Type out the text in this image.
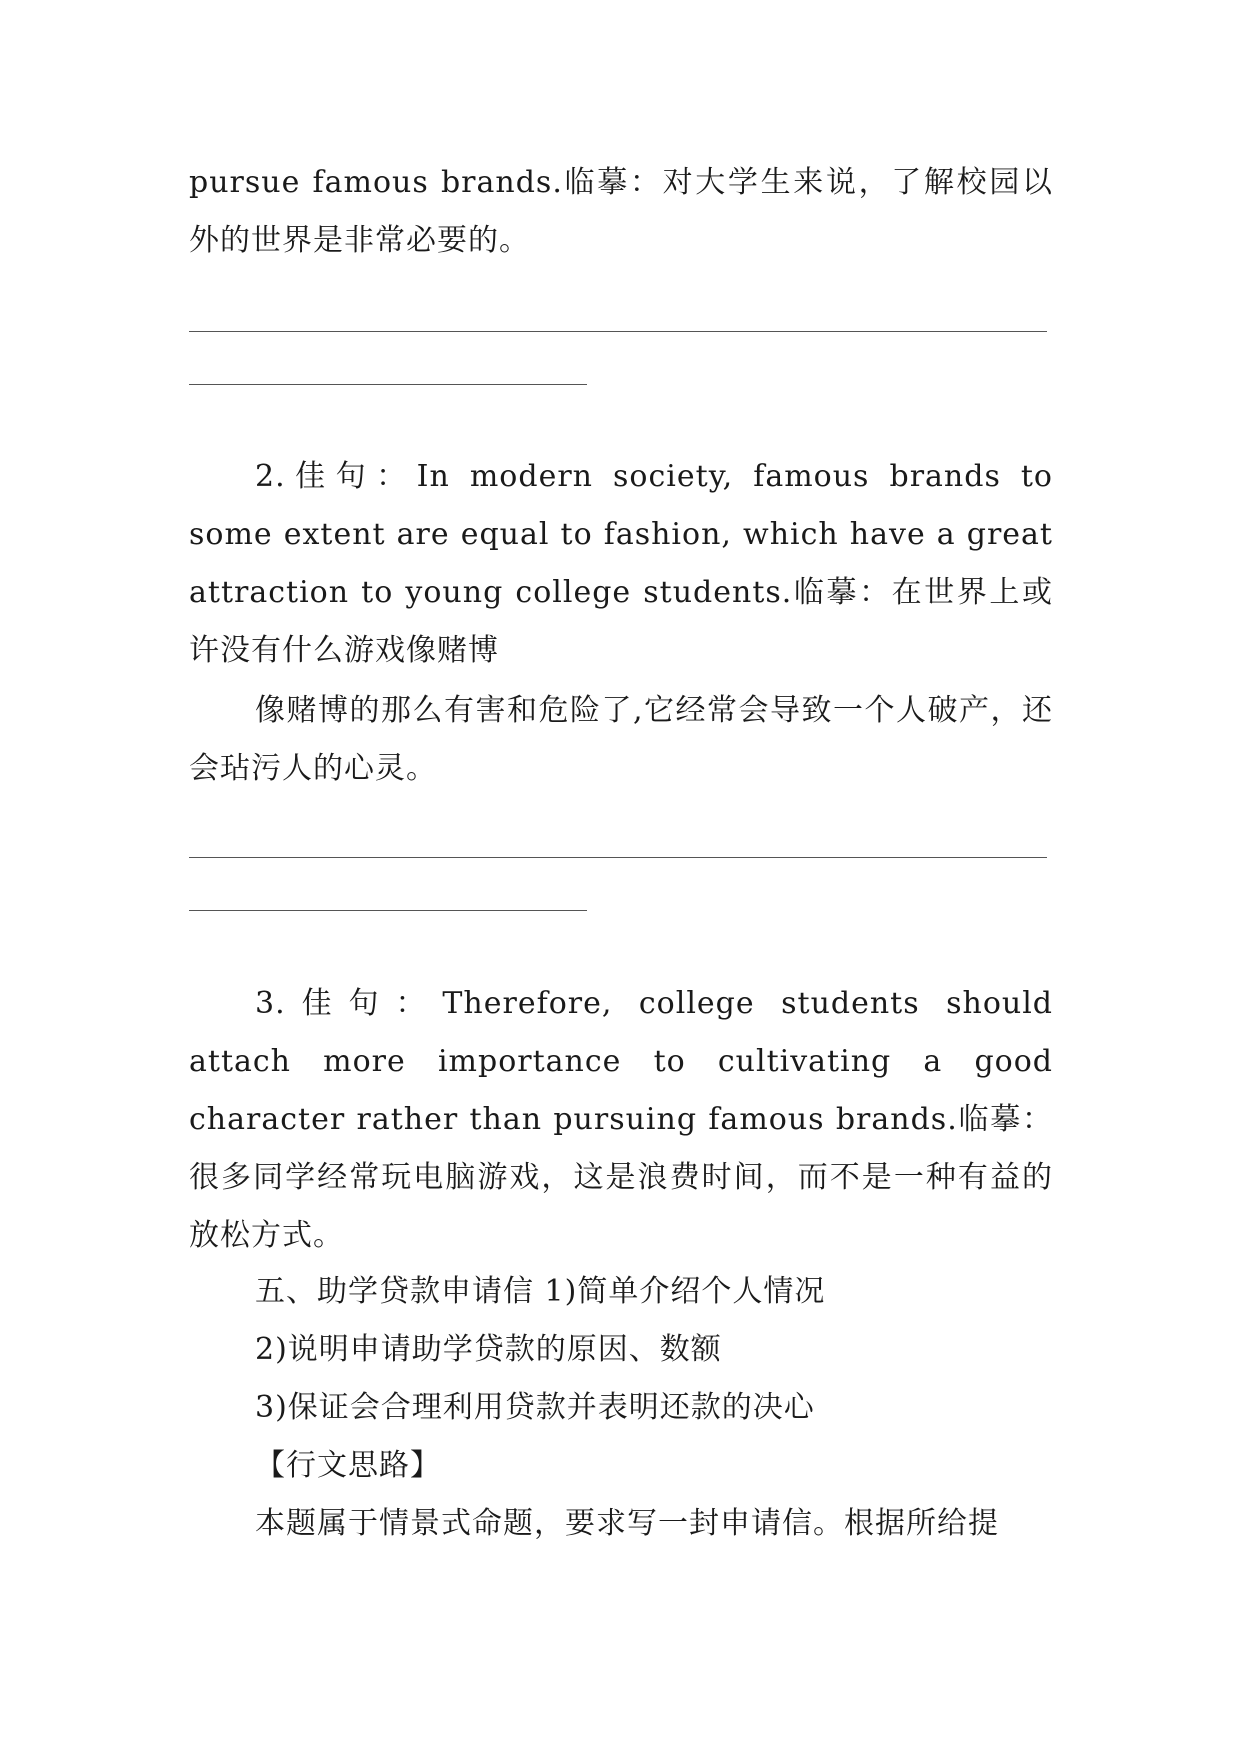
pursue famous brands.临摹：对大学生来说，了解校园以外的世界是非常必要的。

2.佳句：In modern society, famous brands to some extent are equal to fashion, which have a great attraction to young college students.临摹：在世界上或许没有什么游戏像赌博

像赌博的那么有害和危险了,它经常会导致一个人破产，还会玷污人的心灵。

3.佳句：Therefore, college students should attach more importance to cultivating a good character rather than pursuing famous brands.临摹：很多同学经常玩电脑游戏，这是浪费时间，而不是一种有益的放松方式。

五、助学贷款申请信 1)简单介绍个人情况

2)说明申请助学贷款的原因、数额

3)保证会合理利用贷款并表明还款的决心

【行文思路】

本题属于情景式命题，要求写一封申请信。根据所给提
